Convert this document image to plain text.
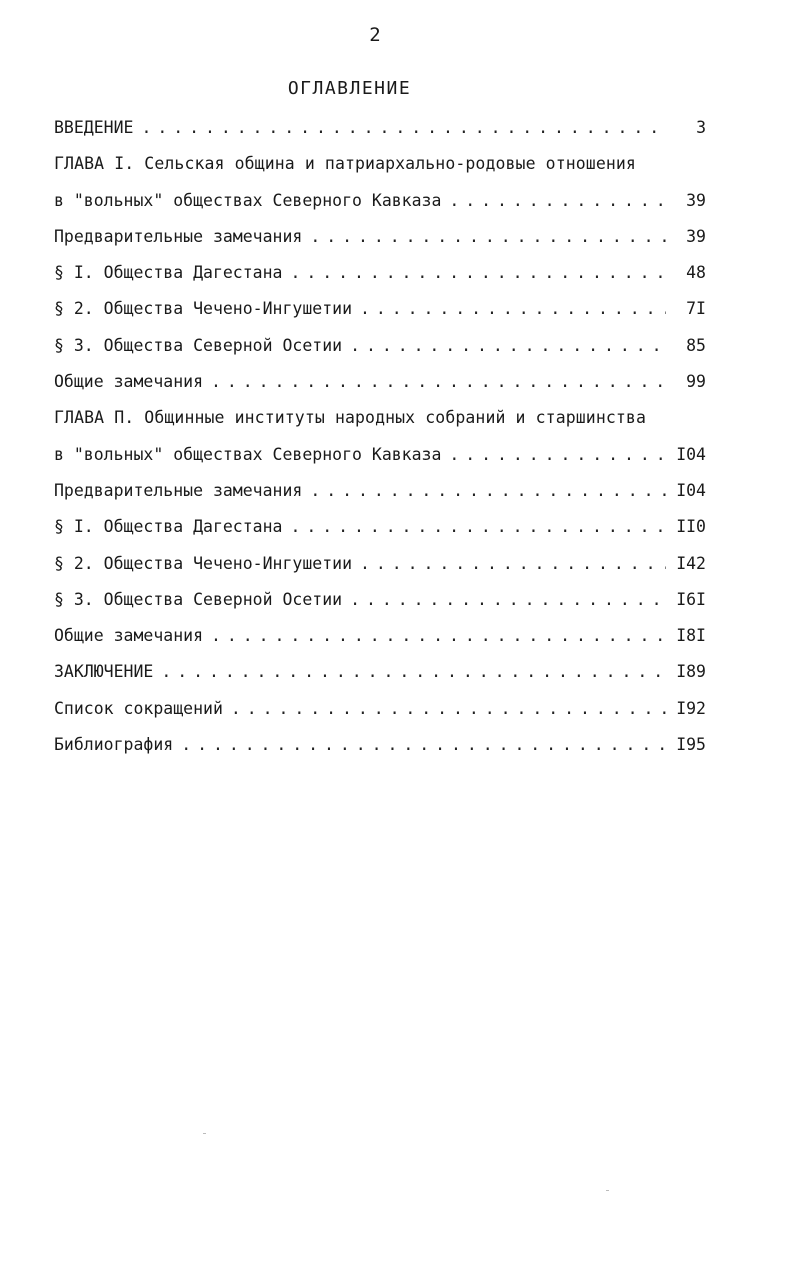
2
ОГЛАВЛЕНИЕ
ВВЕДЕНИЕ . . .	3
ГЛАВА I. Сельская община и патриархально-родовые отношения
в "вольных" обществах Северного Кавказа . . .	39
Предварительные замечания . . .	39
§ I. Общества Дагестана . . .	48
§ 2. Общества Чечено-Ингушетии . . .	7I
§ 3. Общества Северной Осетии . . .	85
Общие замечания . . .	99
ГЛАВА П. Общинные институты народных собраний и старшинства
в "вольных" обществах Северного Кавказа . . .	I04
Предварительные замечания . . .	I04
§ I. Общества Дагестана . . .	II0
§ 2. Общества Чечено-Ингушетии . . .	I42
§ 3. Общества Северной Осетии . . .	I6I
Общие замечания . . .	I8I
ЗАКЛЮЧЕНИЕ . . .	I89
Список сокращений . . .	I92
Библиография . . .	I95
